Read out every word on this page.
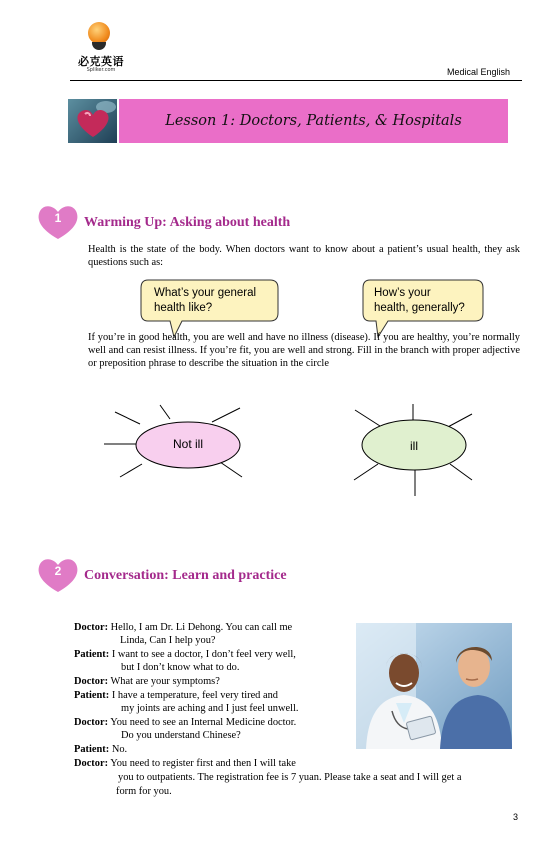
必克英语
Spliker.com	Medical English
Lesson 1: Doctors, Patients, & Hospitals
1	Warming Up: Asking about health
Health is the state of the body. When doctors want to know about a patient’s usual health, they ask questions such as:
What’s your general
health like?
How’s your
health, generally?
If you’re in good health, you are well and have no illness (disease). If you are healthy, you’re normally well and can resist illness. If you’re fit, you are well and strong. Fill in the branch with proper adjective or preposition phrase to describe the situation in the circle
Not ill	ill
2	Conversation: Learn and practice
Doctor: Hello, I am Dr. Li Dehong. You can call me
Linda, Can I help you?
Patient: I want to see a doctor, I don’t feel very well,
but I don’t know what to do.
Doctor: What are your symptoms?
Patient: I have a temperature, feel very tired and
my joints are aching and I just feel unwell.
Doctor: You need to see an Internal Medicine doctor.
Do you understand Chinese?
Patient: No.
Doctor: You need to register first and then I will take
you to outpatients. The registration fee is 7 yuan. Please take a seat and I will get a
form for you.
3
